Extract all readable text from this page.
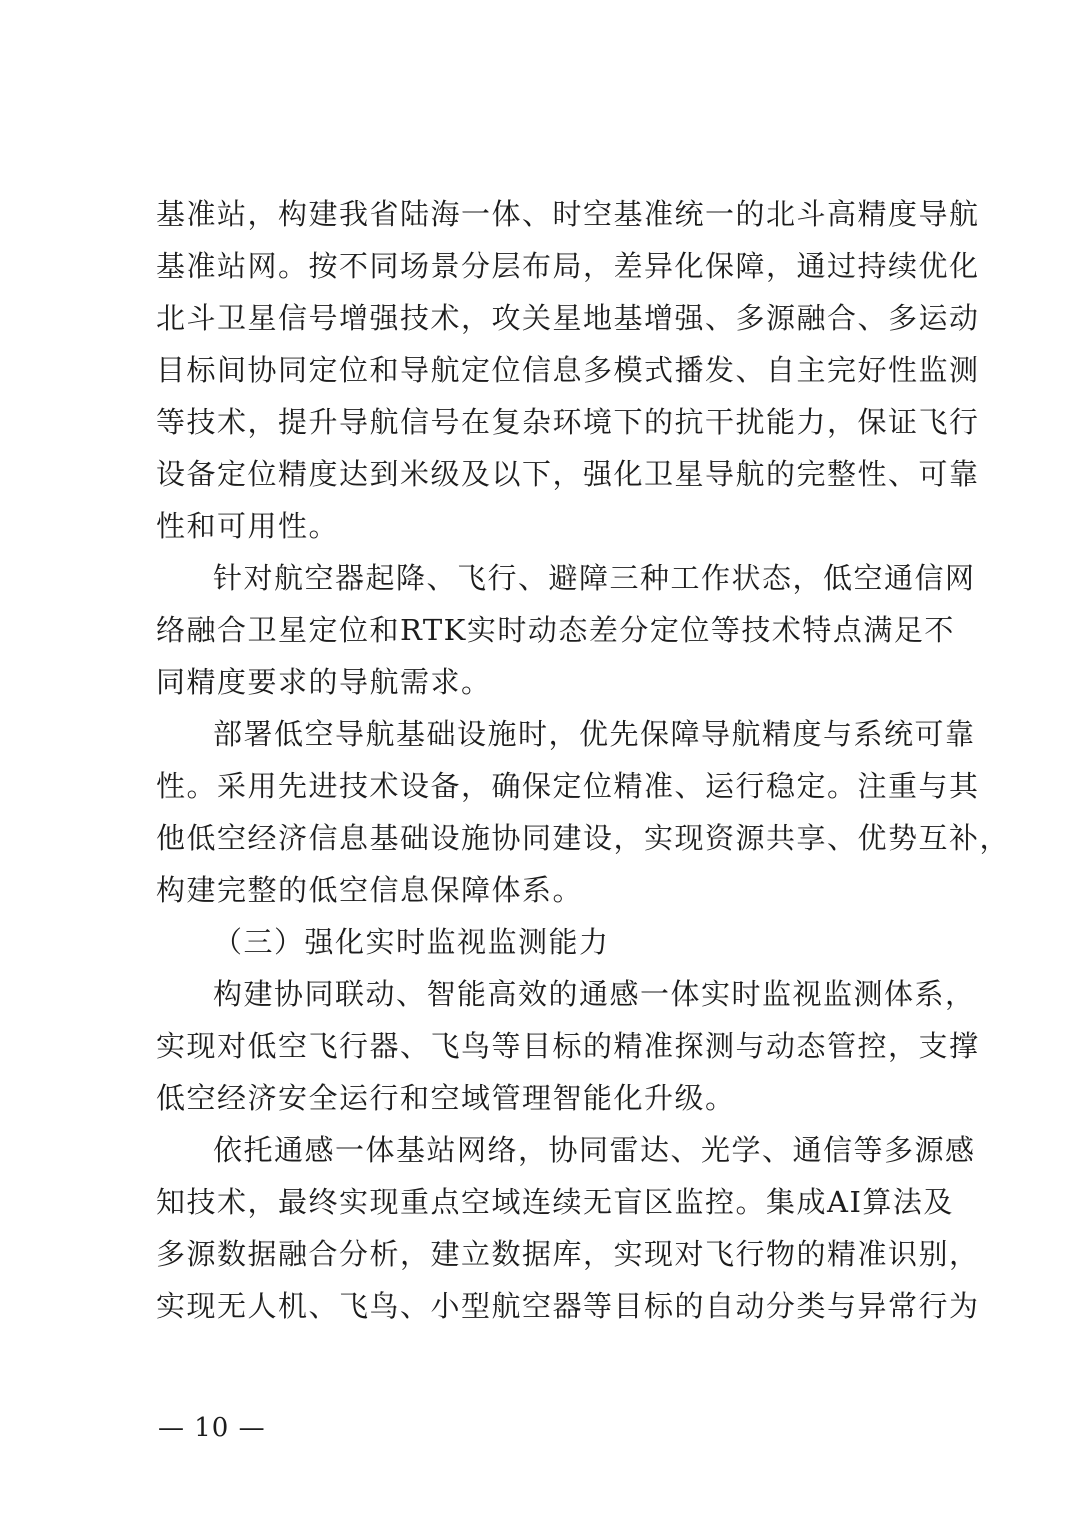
基准站，构建我省陆海一体、时空基准统一的北斗高精度导航
基准站网。按不同场景分层布局，差异化保障，通过持续优化
北斗卫星信号增强技术，攻关星地基增强、多源融合、多运动
目标间协同定位和导航定位信息多模式播发、自主完好性监测
等技术，提升导航信号在复杂环境下的抗干扰能力，保证飞行
设备定位精度达到米级及以下，强化卫星导航的完整性、可靠
性和可用性。
针对航空器起降、飞行、避障三种工作状态，低空通信网
络融合卫星定位和RTK实时动态差分定位等技术特点满足不
同精度要求的导航需求。
部署低空导航基础设施时，优先保障导航精度与系统可靠
性。采用先进技术设备，确保定位精准、运行稳定。注重与其
他低空经济信息基础设施协同建设，实现资源共享、优势互补，
构建完整的低空信息保障体系。
（三）强化实时监视监测能力
构建协同联动、智能高效的通感一体实时监视监测体系，
实现对低空飞行器、飞鸟等目标的精准探测与动态管控，支撑
低空经济安全运行和空域管理智能化升级。
依托通感一体基站网络，协同雷达、光学、通信等多源感
知技术，最终实现重点空域连续无盲区监控。集成AI算法及
多源数据融合分析，建立数据库，实现对飞行物的精准识别，
实现无人机、飞鸟、小型航空器等目标的自动分类与异常行为
— 10 —
